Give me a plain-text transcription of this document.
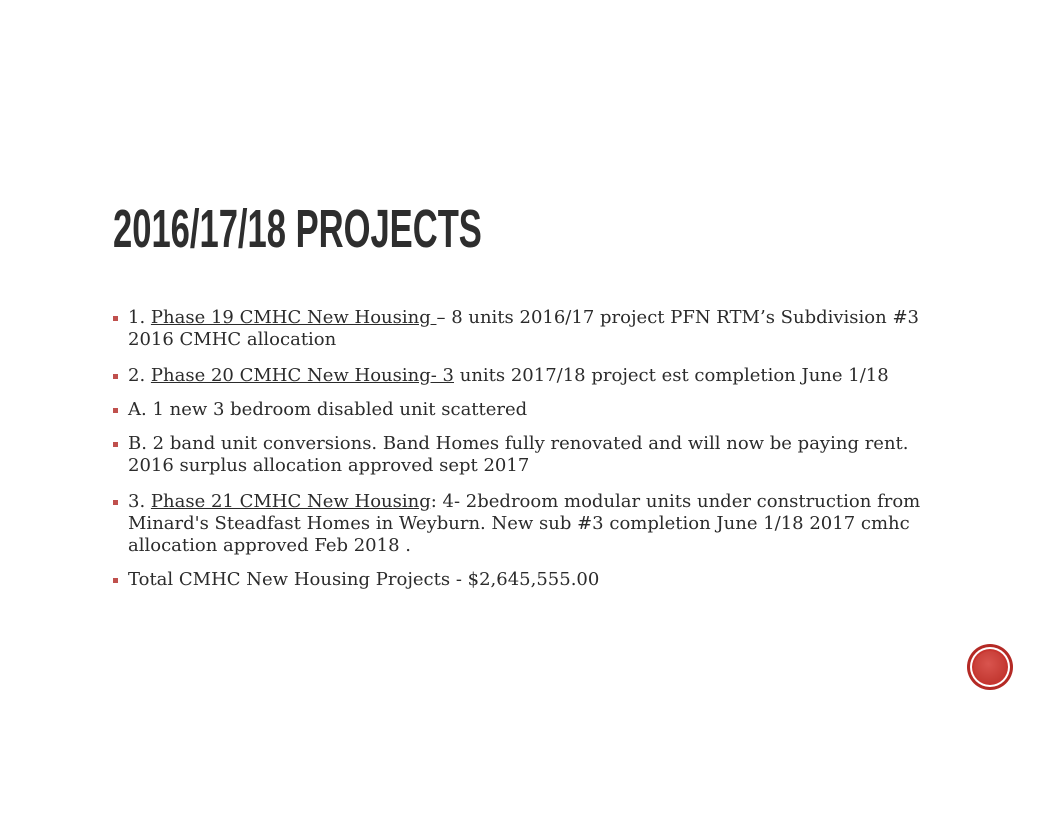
2016/17/18 PROJECTS
1. Phase 19 CMHC New Housing – 8 units 2016/17 project PFN RTM’s Subdivision #3 2016 CMHC allocation
2. Phase 20 CMHC New Housing- 3 units 2017/18 project est completion June 1/18
A. 1 new 3 bedroom disabled unit scattered
B. 2 band unit conversions. Band Homes fully renovated and will now be paying rent. 2016 surplus allocation approved sept 2017
3. Phase 21 CMHC New Housing: 4- 2bedroom modular units under construction from Minard's Steadfast Homes in Weyburn. New sub #3 completion June 1/18 2017 cmhc allocation approved Feb 2018 .
Total CMHC New Housing Projects - $2,645,555.00
